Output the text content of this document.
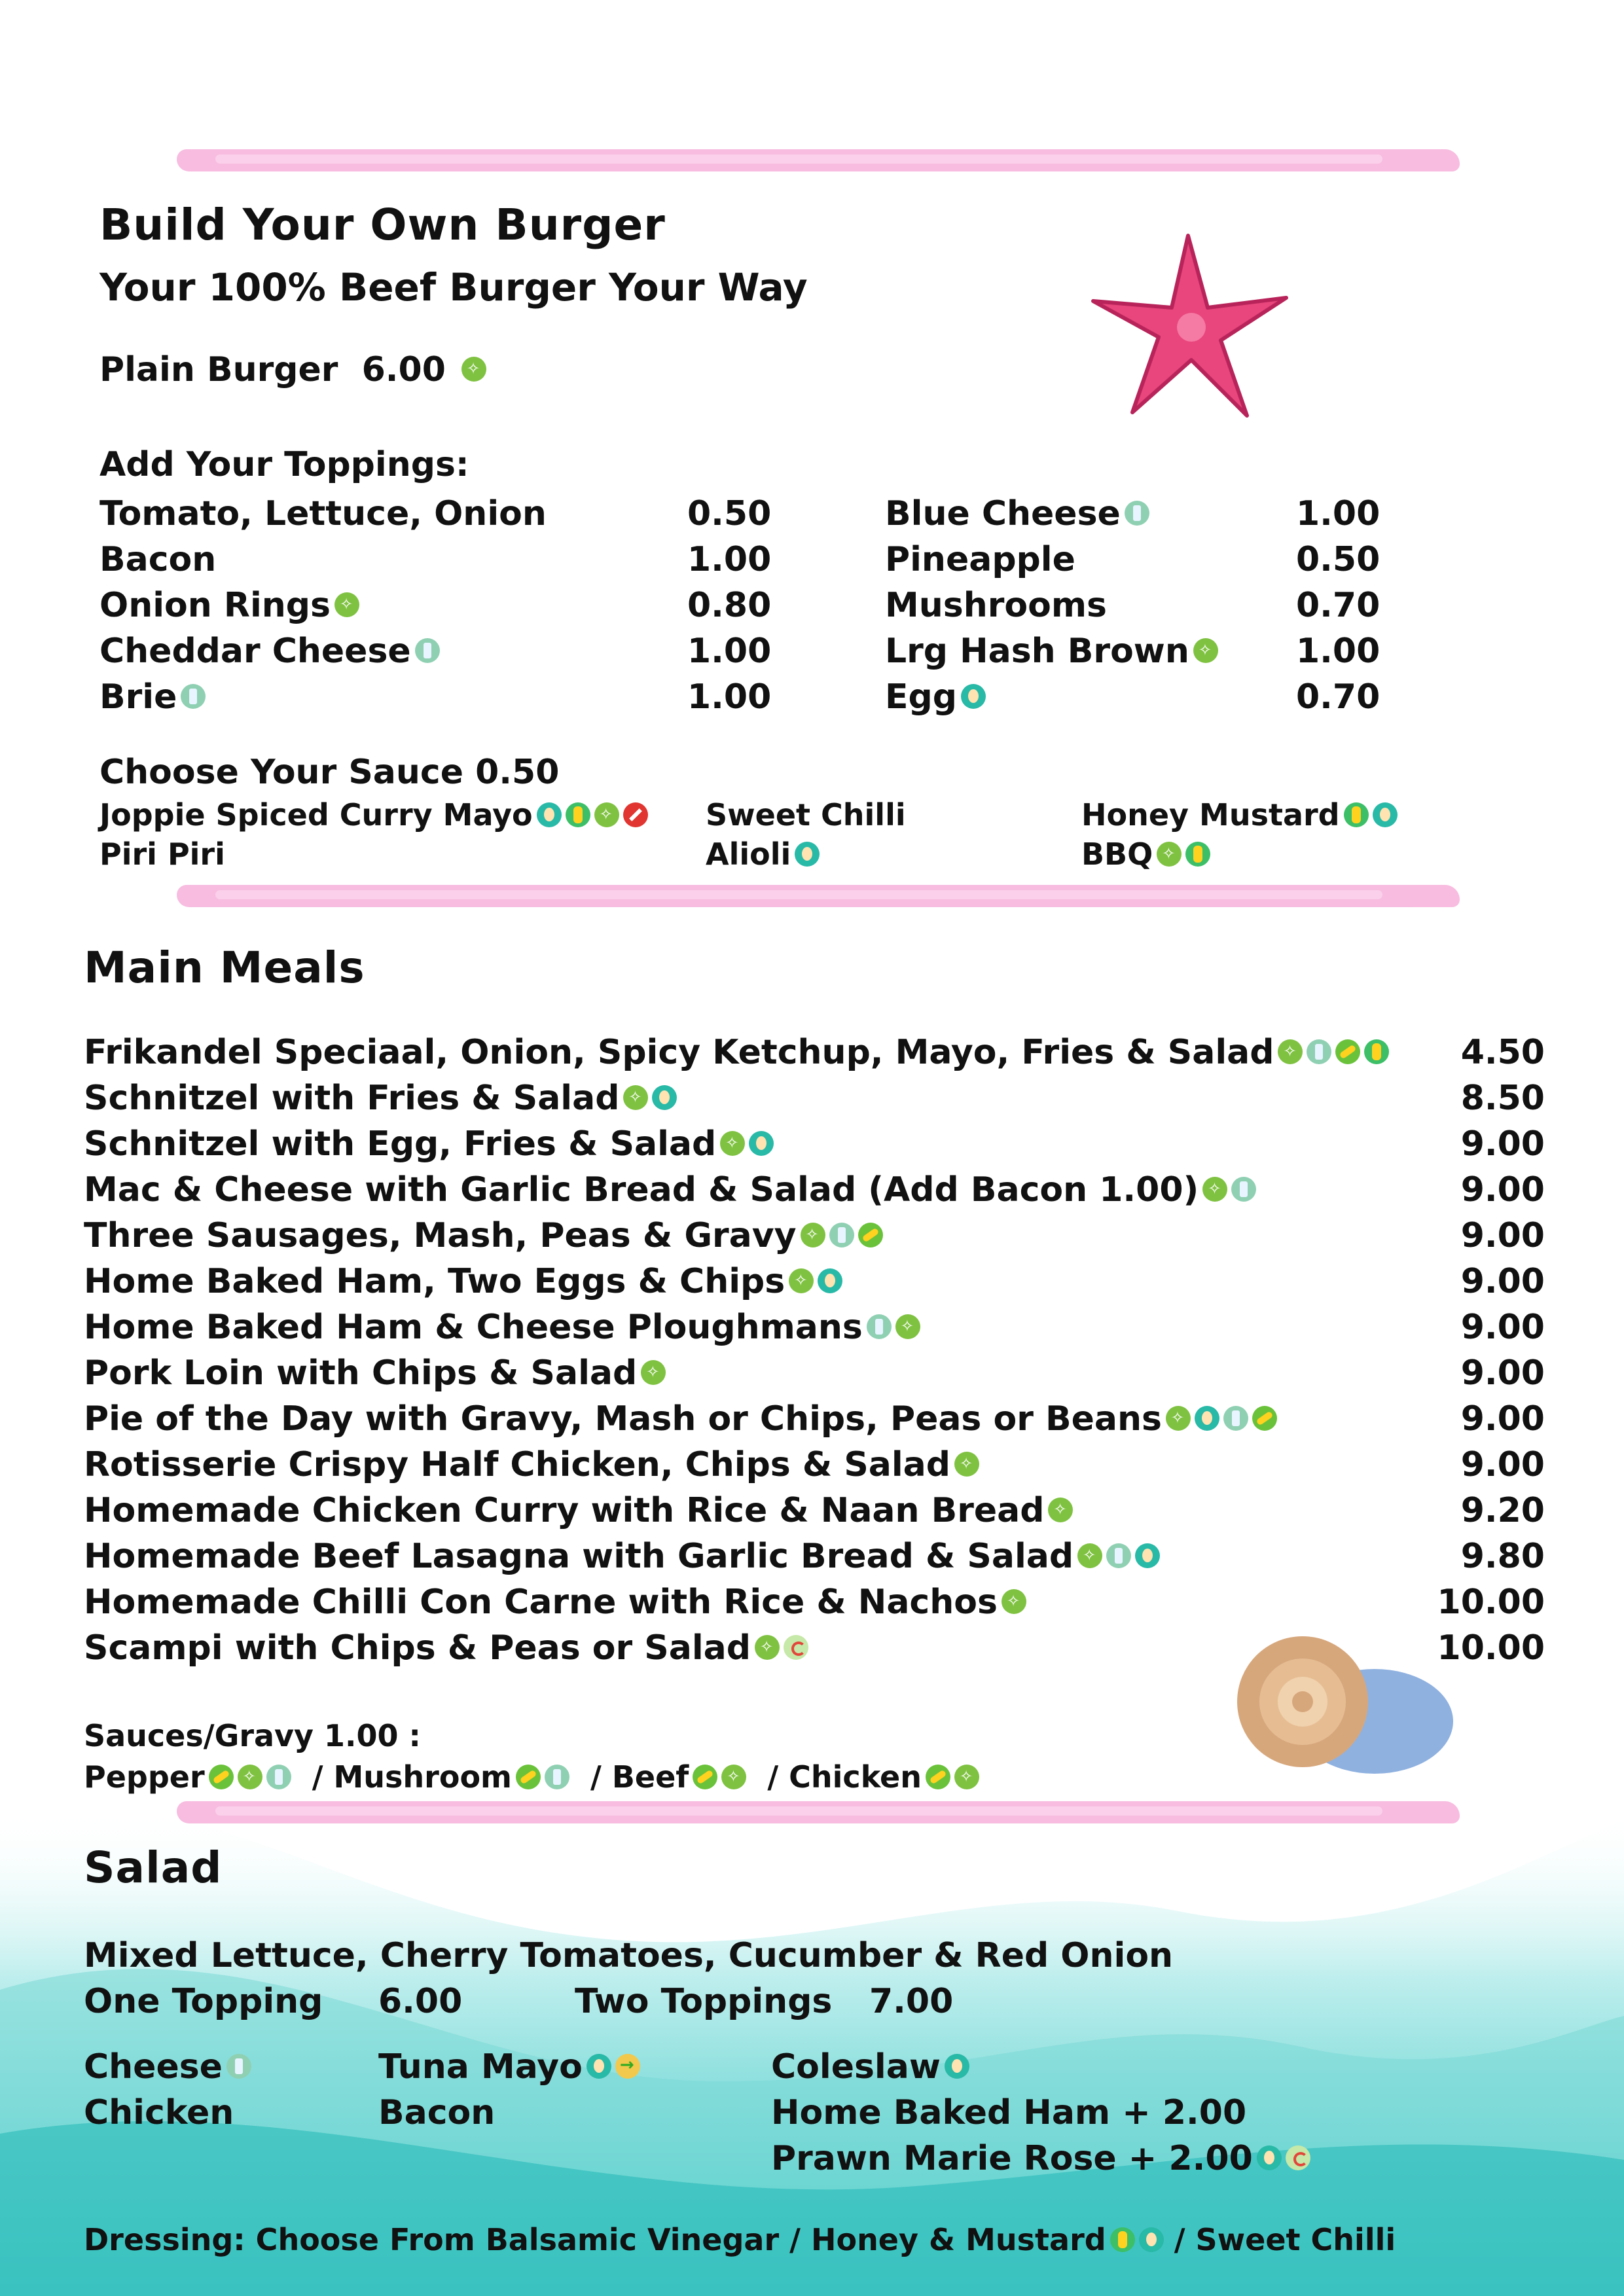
Build Your Own Burger
Your 100% Beef Burger Your Way
Plain Burger 6.00 ✧
Add Your Toppings:
Tomato, Lettuce, Onion	0.50
Bacon	1.00
Onion Rings ✧	0.80
Cheddar Cheese	1.00
Brie	1.00
Blue Cheese	1.00
Pineapple	0.50
Mushrooms	0.70
Lrg Hash Brown ✧	1.00
Egg	0.70
Choose Your Sauce 0.50
Joppie Spiced Curry Mayo ✧	Sweet Chilli	Honey Mustard
Piri Piri	Alioli	BBQ✧
Main Meals
Frikandel Speciaal, Onion, Spicy Ketchup, Mayo, Fries & Salad ✧	4.50
Schnitzel with Fries & Salad ✧	8.50
Schnitzel with Egg, Fries & Salad ✧	9.00
Mac & Cheese with Garlic Bread & Salad (Add Bacon 1.00) ✧	9.00
Three Sausages, Mash, Peas & Gravy ✧	9.00
Home Baked Ham, Two Eggs & Chips ✧	9.00
Home Baked Ham & Cheese Ploughmans ✧	9.00
Pork Loin with Chips & Salad ✧	9.00
Pie of the Day with Gravy, Mash or Chips, Peas or Beans ✧	9.00
Rotisserie Crispy Half Chicken, Chips & Salad ✧	9.00
Homemade Chicken Curry with Rice & Naan Bread ✧	9.20
Homemade Beef Lasagna with Garlic Bread & Salad ✧	9.80
Homemade Chilli Con Carne with Rice & Nachos ✧	10.00
Scampi with Chips & Peas or Salad ✧	10.00
Sauces/Gravy 1.00 :
Pepper ✧	/ Mushroom	/ Beef ✧	/ Chicken✧
Salad
Mixed Lettuce, Cherry Tomatoes, Cucumber & Red Onion
One Topping 6.00	Two Toppings 7.00
Cheese
Chicken
Tuna Mayo→
Bacon
Coleslaw
Home Baked Ham + 2.00
Prawn Marie Rose + 2.00
Dressing: Choose From Balsamic Vinegar / Honey & Mustard / Sweet Chilli
